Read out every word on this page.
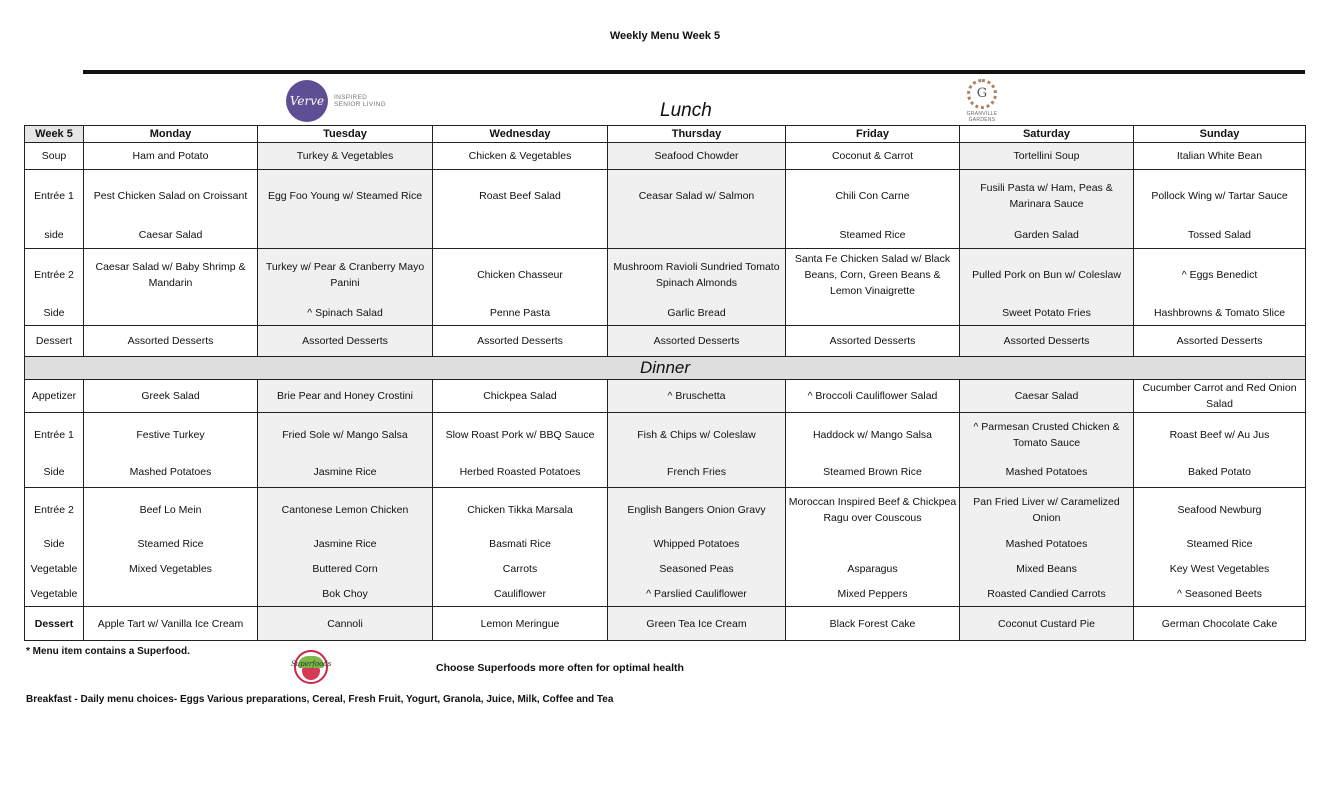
Weekly Menu Week 5
Verve	INSPIRED
SENIOR LIVING	Lunch
G
GRANVILLE
GARDENS
Week 5	Monday	Tuesday	Wednesday	Thursday	Friday	Saturday	Sunday
Soup	Ham and Potato	Turkey & Vegetables	Chicken & Vegetables	Seafood Chowder	Coconut & Carrot	Tortellini Soup	Italian White Bean
Entrée 1	Pest Chicken Salad on Croissant	Egg Foo Young w/ Steamed Rice	Roast Beef Salad	Ceasar Salad w/ Salmon	Chili Con Carne	Fusili Pasta w/ Ham, Peas & Marinara Sauce	Pollock Wing w/ Tartar Sauce
side	Caesar Salad				Steamed Rice	Garden Salad	Tossed Salad
Entrée 2	Caesar Salad w/ Baby Shrimp & Mandarin	Turkey w/ Pear & Cranberry Mayo Panini	Chicken Chasseur	Mushroom Ravioli Sundried Tomato Spinach Almonds	Santa Fe Chicken Salad w/ Black Beans, Corn, Green Beans & Lemon Vinaigrette	Pulled Pork on Bun w/ Coleslaw	^ Eggs Benedict
Side		^ Spinach Salad	Penne Pasta	Garlic Bread		Sweet Potato Fries	Hashbrowns & Tomato Slice
Dessert	Assorted Desserts	Assorted Desserts	Assorted Desserts	Assorted Desserts	Assorted Desserts	Assorted Desserts	Assorted Desserts
Dinner							
Appetizer	Greek Salad	Brie Pear and Honey Crostini	Chickpea Salad	^ Bruschetta	^ Broccoli Cauliflower Salad	Caesar Salad	Cucumber Carrot and Red Onion Salad
Entrée 1	Festive Turkey	Fried Sole w/ Mango Salsa	Slow Roast Pork w/ BBQ Sauce	Fish & Chips w/ Coleslaw	Haddock w/ Mango Salsa	^ Parmesan Crusted Chicken & Tomato Sauce	Roast Beef w/ Au Jus
Side	Mashed Potatoes	Jasmine Rice	Herbed Roasted Potatoes	French Fries	Steamed Brown Rice	Mashed Potatoes	Baked Potato
Entrée 2	Beef Lo Mein	Cantonese Lemon Chicken	Chicken Tikka Marsala	English Bangers Onion Gravy	Moroccan Inspired Beef & Chickpea Ragu over Couscous	Pan Fried Liver w/ Caramelized Onion	Seafood Newburg
Side	Steamed Rice	Jasmine Rice	Basmati Rice	Whipped Potatoes		Mashed Potatoes	Steamed Rice
Vegetable	Mixed Vegetables	Buttered Corn	Carrots	Seasoned Peas	Asparagus	Mixed Beans	Key West Vegetables
Vegetable		Bok Choy	Cauliflower	^ Parslied Cauliflower	Mixed Peppers	Roasted Candied Carrots	^ Seasoned Beets
Dessert	Apple Tart w/ Vanilla Ice Cream	Cannoli	Lemon Meringue	Green Tea Ice Cream	Black Forest Cake	Coconut Custard Pie	German Chocolate Cake
* Menu item contains a Superfood.
Superfoods	Choose Superfoods more often for optimal health
Breakfast - Daily menu choices- Eggs Various preparations, Cereal, Fresh Fruit, Yogurt, Granola, Juice, Milk, Coffee and Tea
